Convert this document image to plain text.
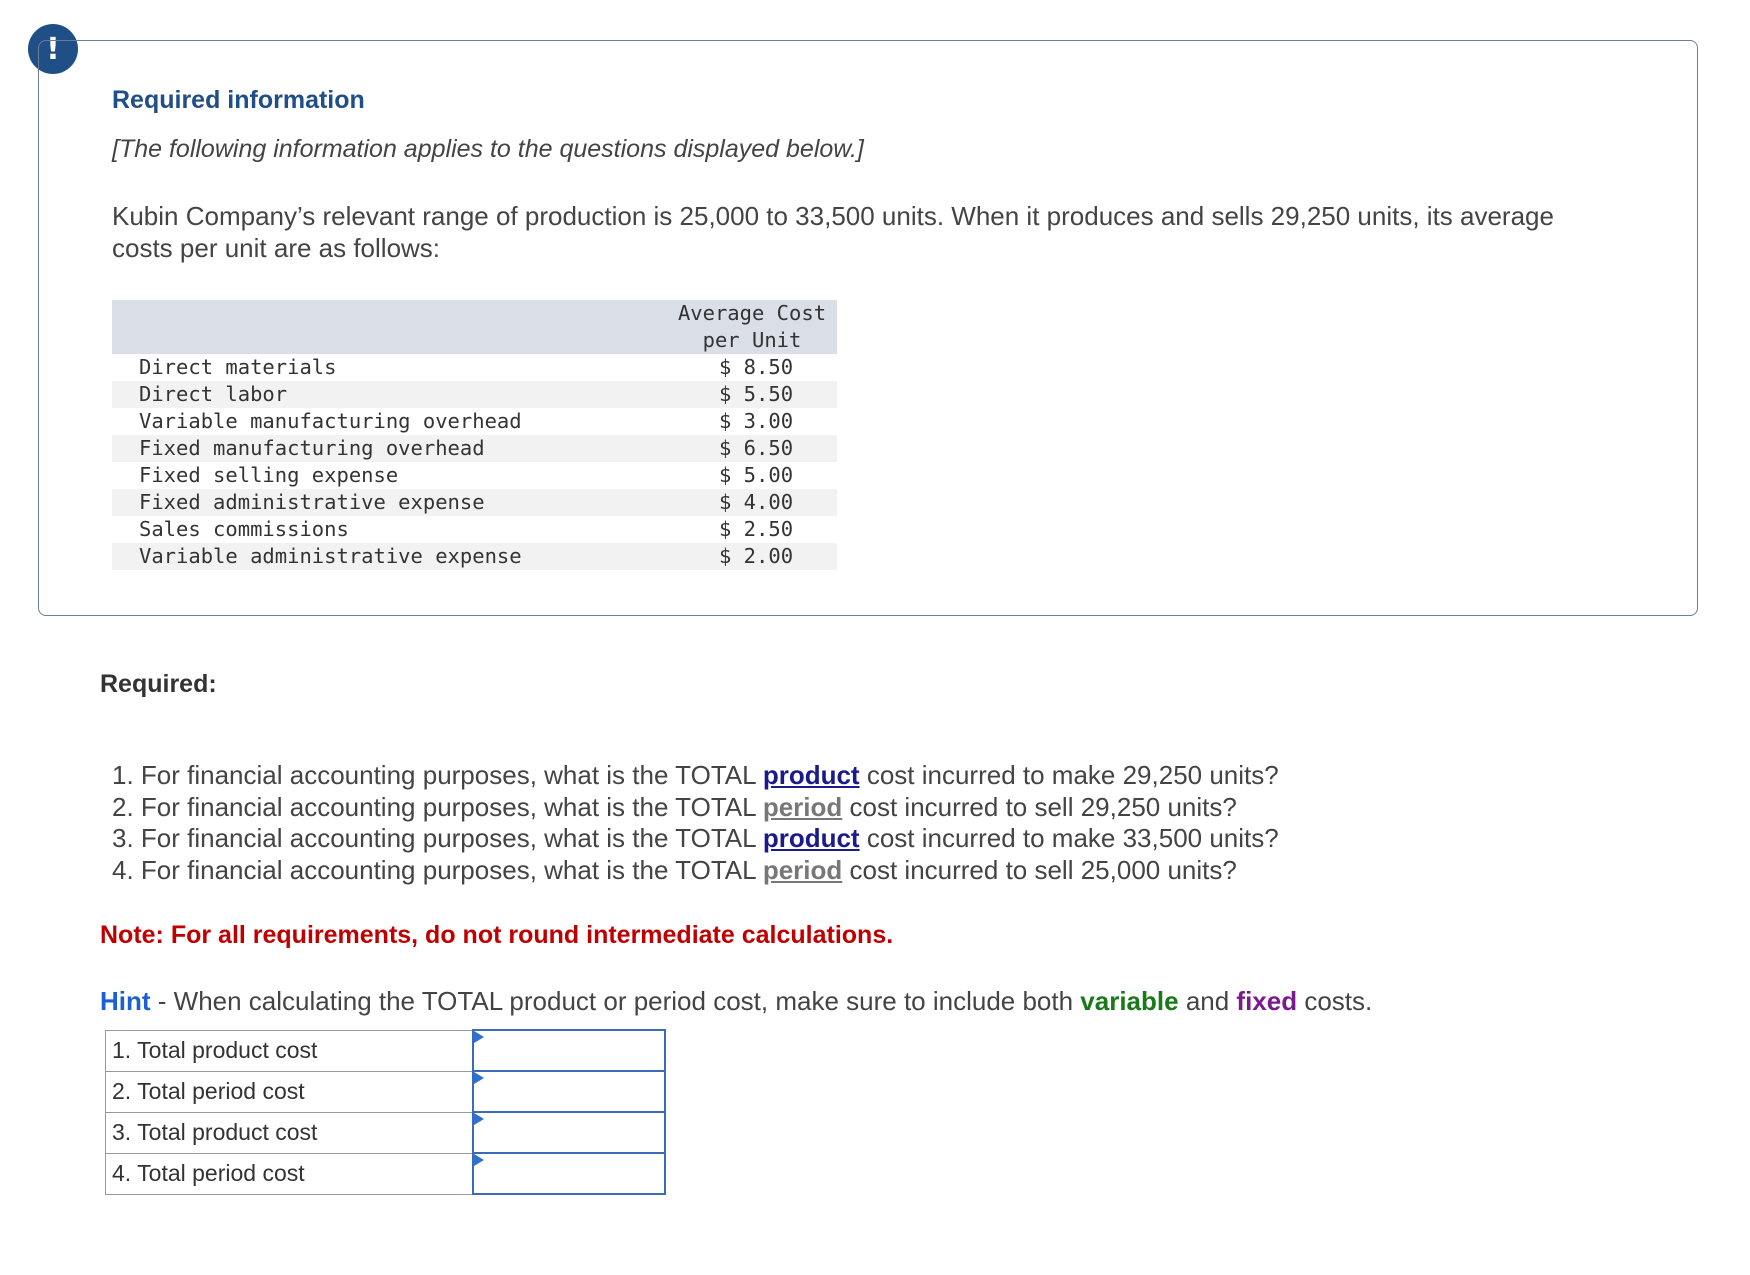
!
Required information
[The following information applies to the questions displayed below.]
Kubin Company’s relevant range of production is 25,000 to 33,500 units. When it produces and sells 29,250 units, its average costs per unit are as follows:

	Average Cost
per Unit

Direct materials	$ 8.50
Direct labor	$ 5.50
Variable manufacturing overhead	$ 3.00
Fixed manufacturing overhead	$ 6.50
Fixed selling expense	$ 5.00
Fixed administrative expense	$ 4.00
Sales commissions	$ 2.50
Variable administrative expense	$ 2.00
Required:
1. For financial accounting purposes, what is the TOTAL product cost incurred to make 29,250 units?
2. For financial accounting purposes, what is the TOTAL period cost incurred to sell 29,250 units?
3. For financial accounting purposes, what is the TOTAL product cost incurred to make 33,500 units?
4. For financial accounting purposes, what is the TOTAL period cost incurred to sell 25,000 units?
Note: For all requirements, do not round intermediate calculations.
Hint - When calculating the TOTAL product or period cost, make sure to include both variable and fixed costs.
1. Total product cost	

2. Total period cost	

3. Total product cost	

4. Total period cost	
